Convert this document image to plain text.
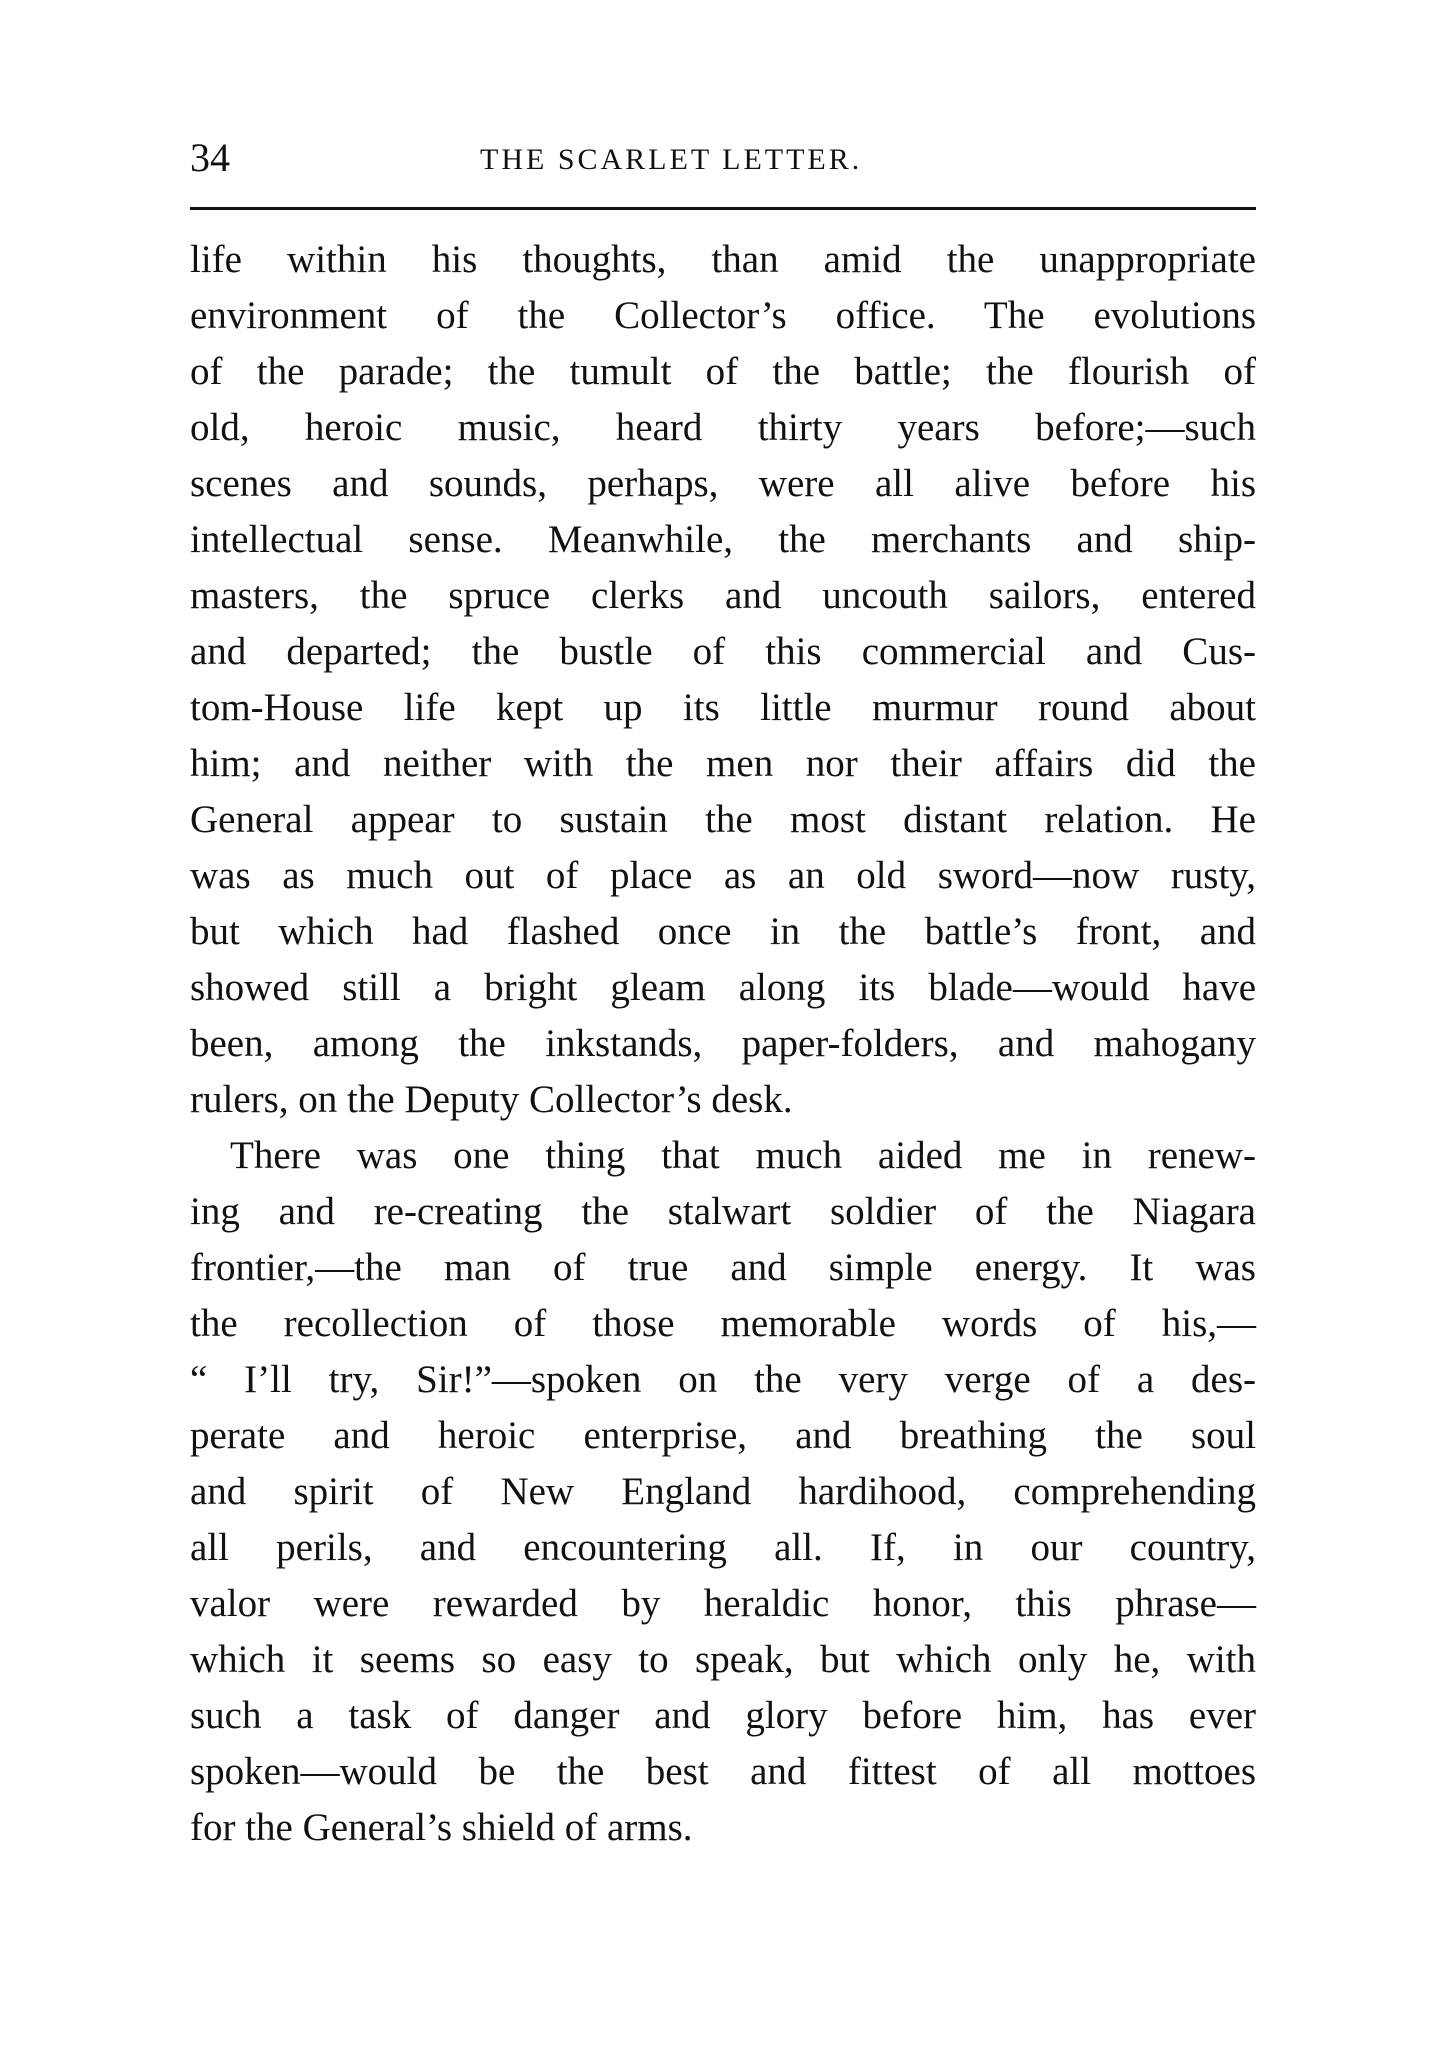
34	THE SCARLET LETTER.
life within his thoughts, than amid the unappropriate
environment of the Collector’s office. The evolutions
of the parade; the tumult of the battle; the flourish of
old, heroic music, heard thirty years before;—such
scenes and sounds, perhaps, were all alive before his
intellectual sense. Meanwhile, the merchants and ship-
masters, the spruce clerks and uncouth sailors, entered
and departed; the bustle of this commercial and Cus-
tom-House life kept up its little murmur round about
him; and neither with the men nor their affairs did the
General appear to sustain the most distant relation. He
was as much out of place as an old sword—now rusty,
but which had flashed once in the battle’s front, and
showed still a bright gleam along its blade—would have
been, among the inkstands, paper-folders, and mahogany
rulers, on the Deputy Collector’s desk.
There was one thing that much aided me in renew-
ing and re-creating the stalwart soldier of the Niagara
frontier,—the man of true and simple energy. It was
the recollection of those memorable words of his,—
“ I’ll try, Sir!”—spoken on the very verge of a des-
perate and heroic enterprise, and breathing the soul
and spirit of New England hardihood, comprehending
all perils, and encountering all. If, in our country,
valor were rewarded by heraldic honor, this phrase—
which it seems so easy to speak, but which only he, with
such a task of danger and glory before him, has ever
spoken—would be the best and fittest of all mottoes
for the General’s shield of arms.
